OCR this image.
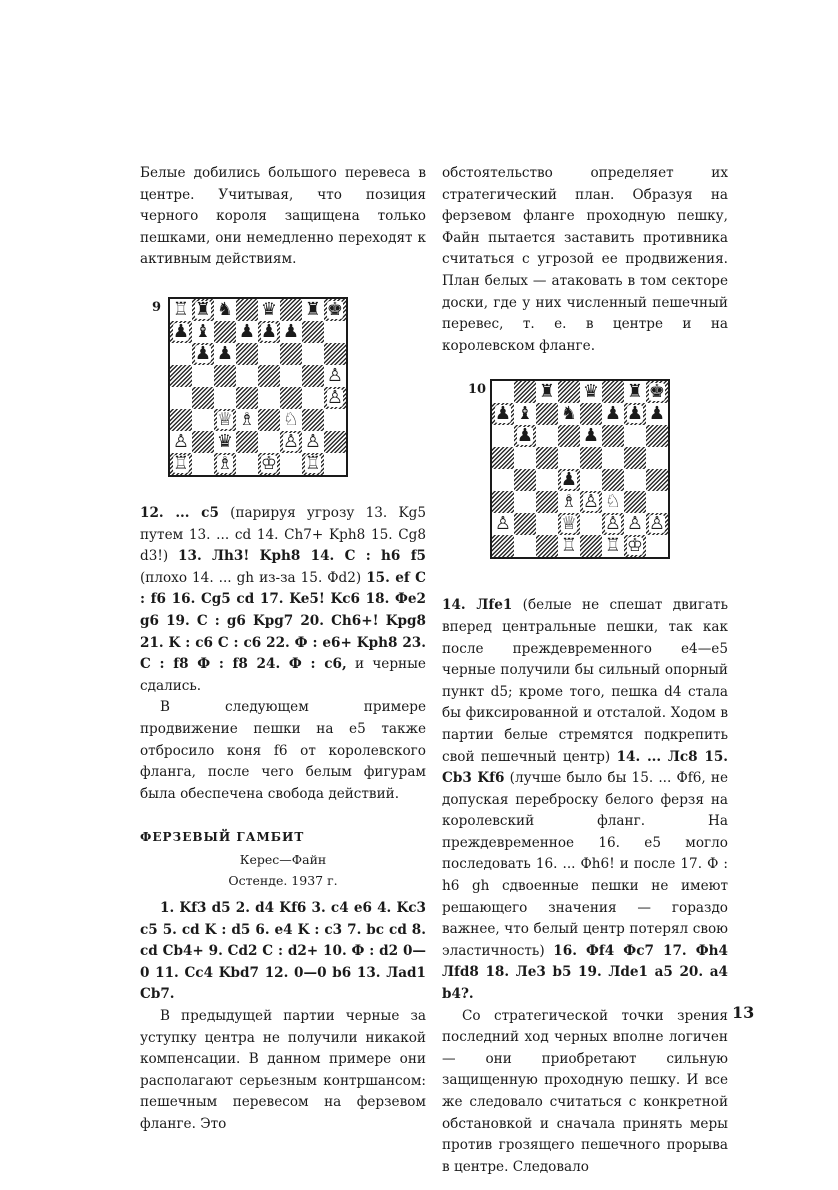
Белые добились большого перевеса в центре. Учитывая, что позиция черного короля защищена только пешками, они немедленно переходят к активным действиям.

9 ♖ ♜ ♞ ♛ ♜ ♚
♟ ♝ ♟ ♟ ♟
♟ ♟
♙
♙
♕ ♗ ♘
♙ ♛	♙ ♙
♖ ♗ ♔ ♖

12. ... c5 (парируя угрозу 13. Kg5 путем 13. ... cd 14. Ch7+ Kph8 15. Cg8 d3!) 13. Лh3! Kph8 14. C : h6 f5 (плохо 14. ... gh из-за 15. Фd2) 15. ef C : f6 16. Cg5 cd 17. Ke5! Kc6 18. Фe2 g6 19. C : g6 Kpg7 20. Ch6+! Kpg8 21. K : c6 C : c6 22. Ф : e6+ Kph8 23. C : f8 Ф : f8 24. Ф : c6, и черные сдались.

В следующем примере продвижение пешки на e5 также отбросило коня f6 от королевского фланга, после чего белым фигурам была обеспечена свобода действий.

ФЕРЗЕВЫЙ ГАМБИТ

Керес—Файн

Остенде. 1937 г.

1. Kf3 d5 2. d4 Kf6 3. c4 e6 4. Kc3 c5 5. cd K : d5 6. e4 K : c3 7. bc cd 8. cd Cb4+ 9. Cd2 C : d2+ 10. Ф : d2 0—0 11. Cc4 Kbd7 12. 0—0 b6 13. Лad1 Cb7.

В предыдущей партии черные за уступку центра не получили никакой компенсации. В данном примере они располагают серьезным контршансом: пешечным перевесом на ферзевом фланге. Это

обстоятельство определяет их стратегический план. Образуя на ферзевом фланге проходную пешку, Файн пытается заставить противника считаться с угрозой ее продвижения. План белых — атаковать в том секторе доски, где у них численный пешечный перевес, т. е. в центре и на королевском фланге.

10	♜ ♛ ♜ ♚
♟ ♝ ♞ ♟ ♟ ♟
♟	♟
♟
♗ ♙ ♘
♙	♕ ♙ ♙ ♙
♖ ♖ ♔

14. Лfe1 (белые не спешат двигать вперед центральные пешки, так как после преждевременного e4—e5 черные получили бы сильный опорный пункт d5; кроме того, пешка d4 стала бы фиксированной и отсталой. Ходом в партии белые стремятся подкрепить свой пешечный центр) 14. ... Лc8 15. Cb3 Kf6 (лучше было бы 15. ... Фf6, не допуская переброску белого ферзя на королевский фланг. На преждевременное 16. e5 могло последовать 16. ... Фh6! и после 17. Ф : h6 gh сдвоенные пешки не имеют решающего значения — гораздо важнее, что белый центр потерял свою эластичность) 16. Фf4 Фc7 17. Фh4 Лfd8 18. Лe3 b5 19. Лde1 a5 20. a4 b4?.

Со стратегической точки зрения последний ход черных вполне логичен — они приобретают сильную защищенную проходную пешку. И все же следовало считаться с конкретной обстановкой и сначала принять меры против грозящего пешечного прорыва в центре. Следовало

13
